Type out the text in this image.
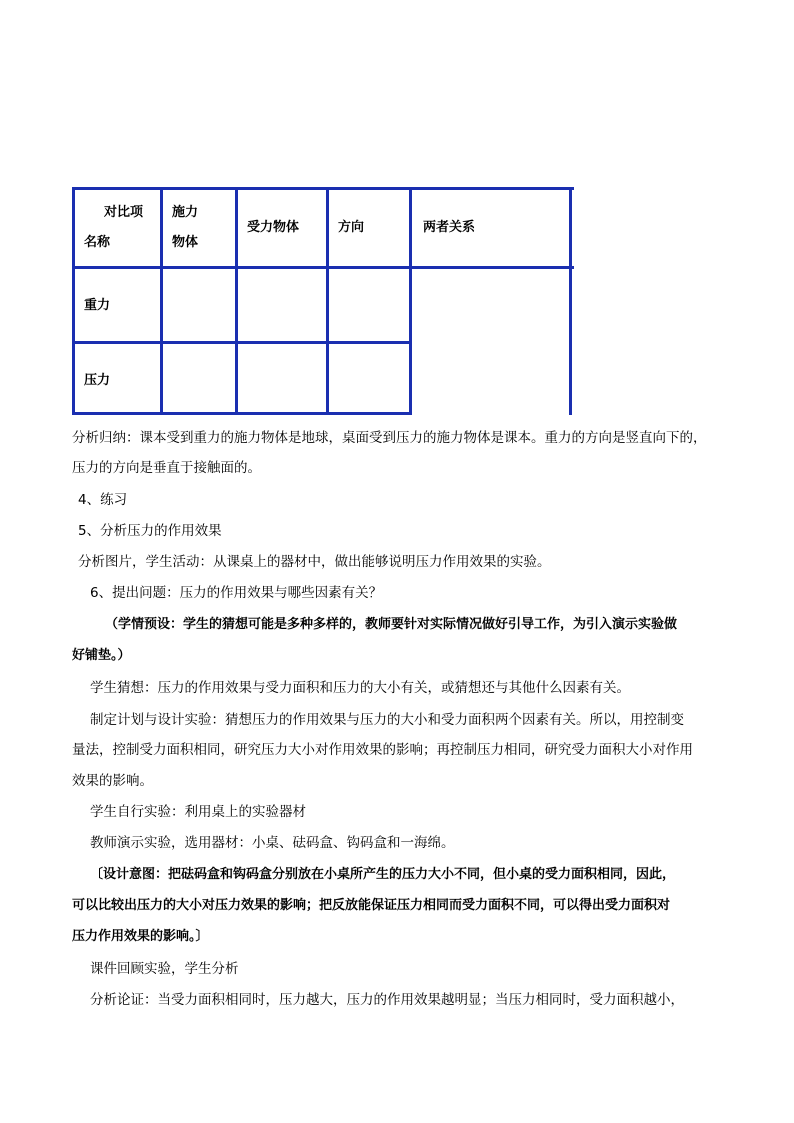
对比项
名称
施力
物体
受力物体	方向	两者关系
重力
压力
分析归纳：课本受到重力的施力物体是地球，桌面受到压力的施力物体是课本。重力的方向是竖直向下的，
压力的方向是垂直于接触面的。
4、练习
5、分析压力的作用效果
分析图片，学生活动：从课桌上的器材中，做出能够说明压力作用效果的实验。
6、提出问题：压力的作用效果与哪些因素有关？
（学情预设：学生的猜想可能是多种多样的，教师要针对实际情况做好引导工作，为引入演示实验做
好铺垫。）
学生猜想：压力的作用效果与受力面积和压力的大小有关，或猜想还与其他什么因素有关。
制定计划与设计实验：猜想压力的作用效果与压力的大小和受力面积两个因素有关。所以，用控制变
量法，控制受力面积相同，研究压力大小对作用效果的影响；再控制压力相同，研究受力面积大小对作用
效果的影响。
学生自行实验：利用桌上的实验器材
教师演示实验，选用器材：小桌、砝码盒、钩码盒和一海绵。
〔设计意图：把砝码盒和钩码盒分别放在小桌所产生的压力大小不同，但小桌的受力面积相同，因此，
可以比较出压力的大小对压力效果的影响；把反放能保证压力相同而受力面积不同，可以得出受力面积对
压力作用效果的影响。〕
课件回顾实验，学生分析
分析论证：当受力面积相同时，压力越大，压力的作用效果越明显；当压力相同时，受力面积越小，
